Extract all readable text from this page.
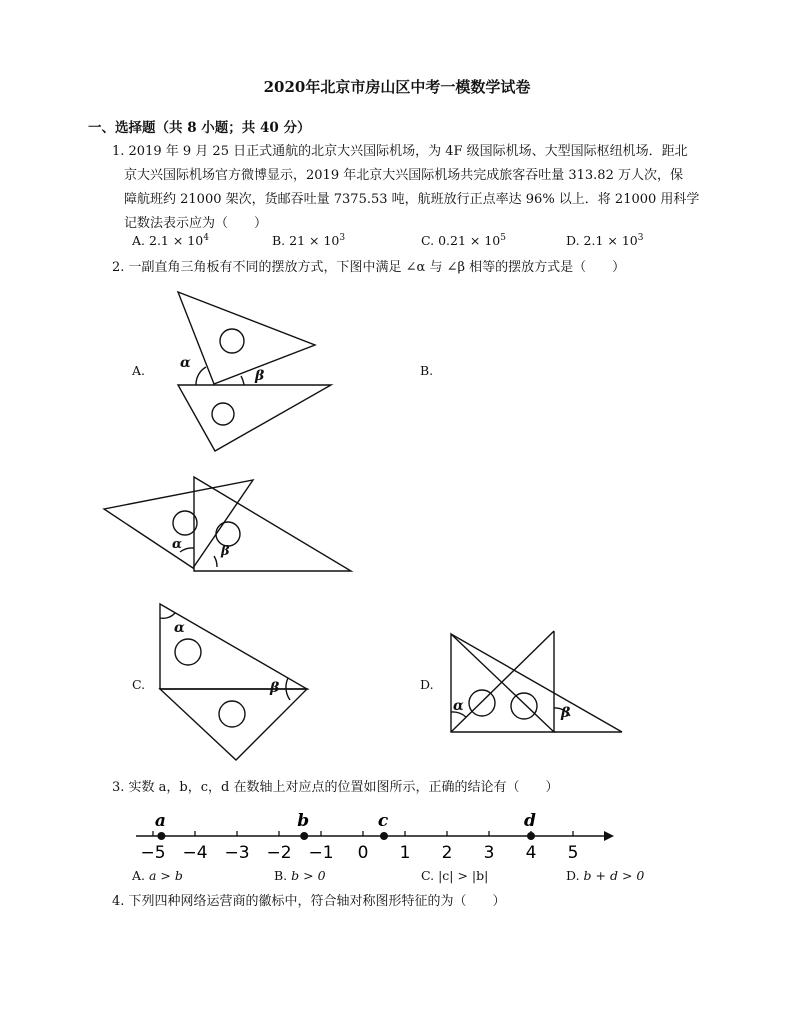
2020年北京市房山区中考一模数学试卷
一、选择题（共 8 小题；共 40 分）
1. 2019 年 9 月 25 日正式通航的北京大兴国际机场，为 4F 级国际机场、大型国际枢纽机场．距北
京大兴国际机场官方微博显示，2019 年北京大兴国际机场共完成旅客吞吐量 313.82 万人次，保
障航班约 21000 架次，货邮吞吐量 7375.53 吨，航班放行正点率达 96% 以上．将 21000 用科学
记数法表示应为（　　）
A. $2.1 \times 10^4$	B. $21 \times 10^3$	C. $0.21 \times 10^5$	D. $2.1 \times 10^3$
2. 一副直角三角板有不同的摆放方式，下图中满足 ∠α 与 ∠β 相等的摆放方式是（　　）
A.	B.
C.	D.
α
β
α	β
α
β
α	β
3. 实数 a，b，c，d 在数轴上对应点的位置如图所示，正确的结论有（　　）
−5 −4 −3 −2 −1 0 1 2 3 4 5
a	b	c	d
A. a > b	B. b > 0	C. |c| > |b|	D. b + d > 0
4. 下列四种网络运营商的徽标中，符合轴对称图形特征的为（　　）
